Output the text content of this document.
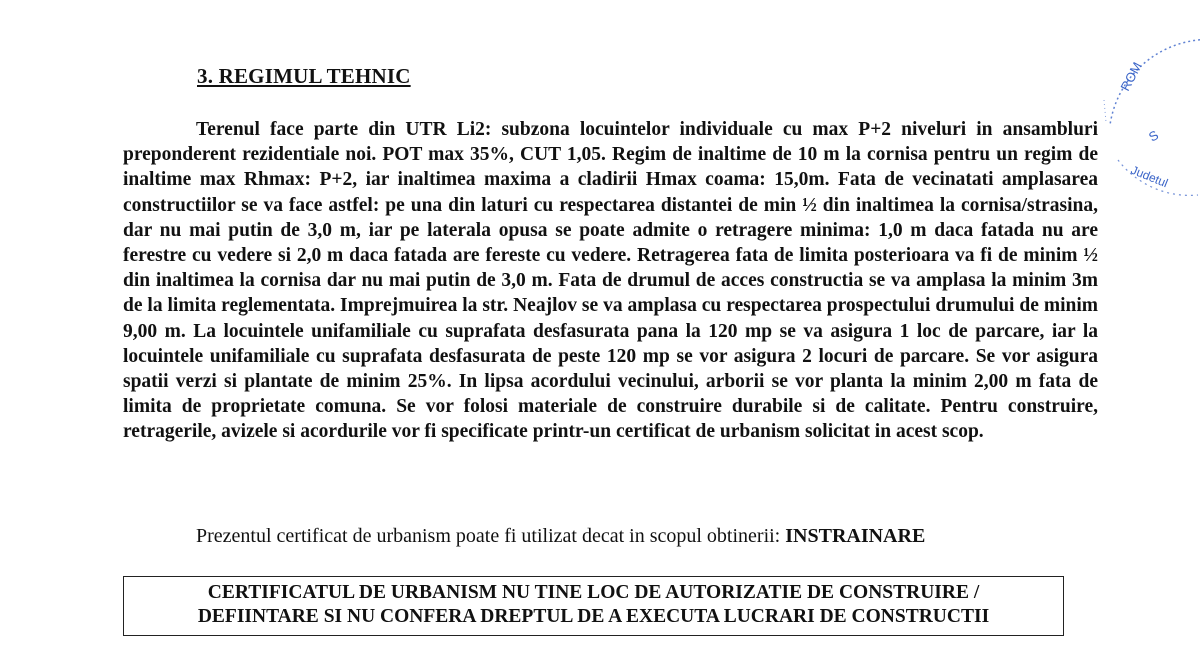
3. REGIMUL TEHNIC
Terenul face parte din UTR Li2: subzona locuintelor individuale cu max P+2 niveluri in ansambluri preponderent rezidentiale noi. POT max 35%, CUT 1,05. Regim de inaltime de 10 m la cornisa pentru un regim de inaltime max Rhmax: P+2, iar inaltimea maxima a cladirii Hmax coama: 15,0m. Fata de vecinatati amplasarea constructiilor se va face astfel: pe una din laturi cu respectarea distantei de min ½ din inaltimea la cornisa/strasina, dar nu mai putin de 3,0 m, iar pe laterala opusa se poate admite o retragere minima: 1,0 m daca fatada nu are ferestre cu vedere si 2,0 m daca fatada are fereste cu vedere. Retragerea fata de limita posterioara va fi de minim ½ din inaltimea la cornisa dar nu mai putin de 3,0 m. Fata de drumul de acces constructia se va amplasa la minim 3m de la limita reglementata. Imprejmuirea la str. Neajlov se va amplasa cu respectarea prospectului drumului de minim 9,00 m. La locuintele unifamiliale cu suprafata desfasurata pana la 120 mp se va asigura 1 loc de parcare, iar la locuintele unifamiliale cu suprafata desfasurata de peste 120 mp se vor asigura 2 locuri de parcare. Se vor asigura spatii verzi si plantate de minim 25%. In lipsa acordului vecinului, arborii se vor planta la minim 2,00 m fata de limita de proprietate comuna. Se vor folosi materiale de construire durabile si de calitate. Pentru construire, retragerile, avizele si acordurile vor fi specificate printr-un certificat de urbanism solicitat in acest scop.
Prezentul certificat de urbanism poate fi utilizat decat in scopul obtinerii: INSTRAINARE
CERTIFICATUL DE URBANISM NU TINE LOC DE AUTORIZATIE DE CONSTRUIRE /
DEFIINTARE SI NU CONFERA DREPTUL DE A EXECUTA LUCRARI DE CONSTRUCTII
ROM
S
Judetul
